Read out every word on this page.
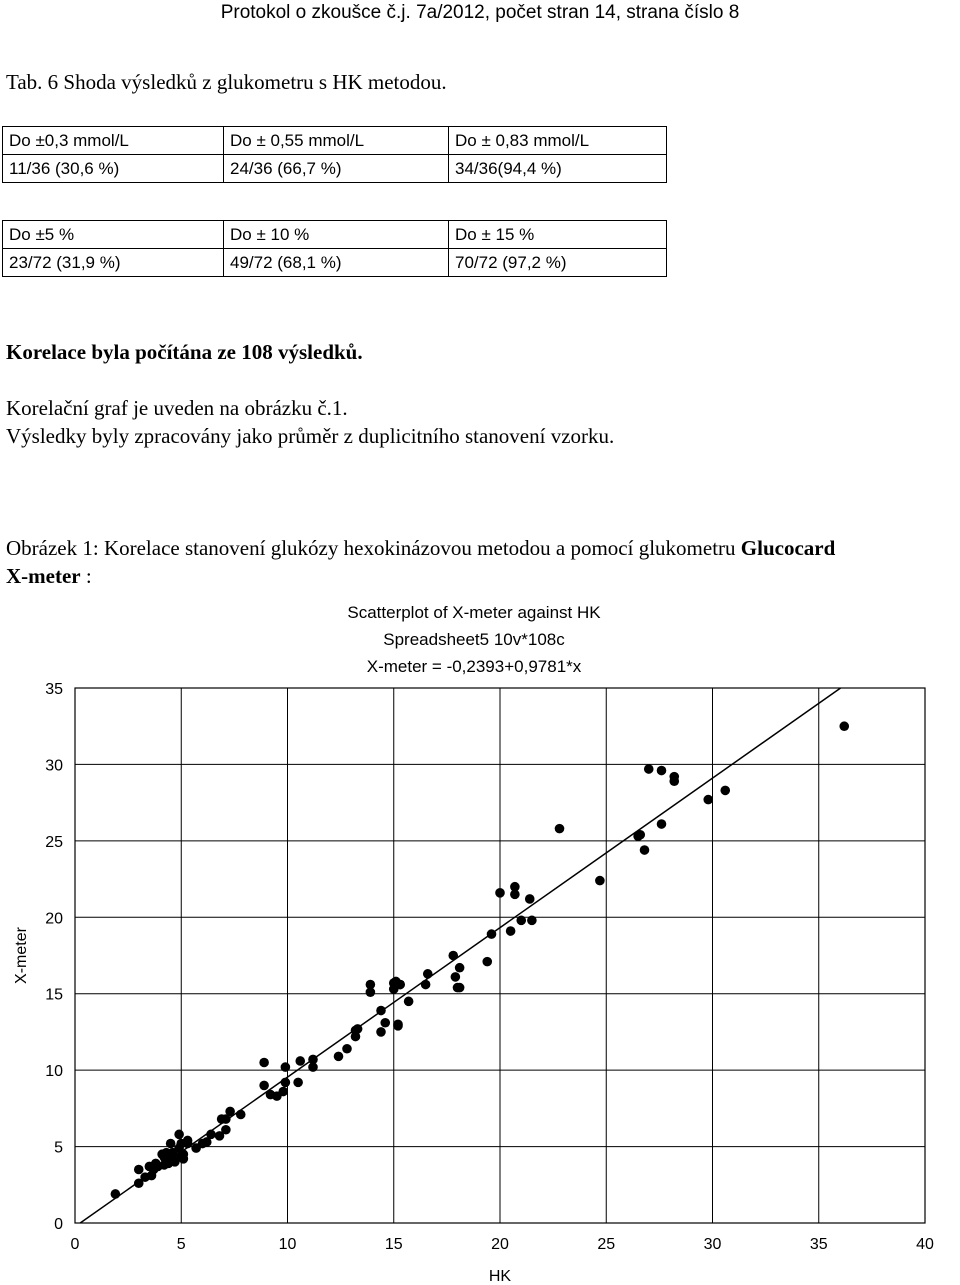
Protokol o zkoušce č.j. 7a/2012, počet stran 14, strana číslo 8
Tab. 6 Shoda výsledků z glukometru s HK metodou.
Do ±0,3 mmol/L	Do ± 0,55 mmol/L	Do ± 0,83 mmol/L
11/36 (30,6 %)	24/36 (66,7 %)	34/36(94,4 %)
Do ±5 %	Do ± 10 %	Do ± 15 %
23/72 (31,9 %)	49/72 (68,1 %)	70/72 (97,2 %)
Korelace byla počítána ze 108 výsledků.
Korelační graf je uveden na obrázku č.1.
Výsledky byly zpracovány jako průměr z duplicitního stanovení vzorku.
Obrázek 1: Korelace stanovení glukózy hexokinázovou metodou a pomocí glukometru Glucocard
X-meter :
Scatterplot of X-meter against HK
Spreadsheet5 10v*108c
X-meter = -0,2393+0,9781*x
0	5	10	15	20	25	30	35	40
0
5
10
15
20
25
30
35
HK
X-meter
